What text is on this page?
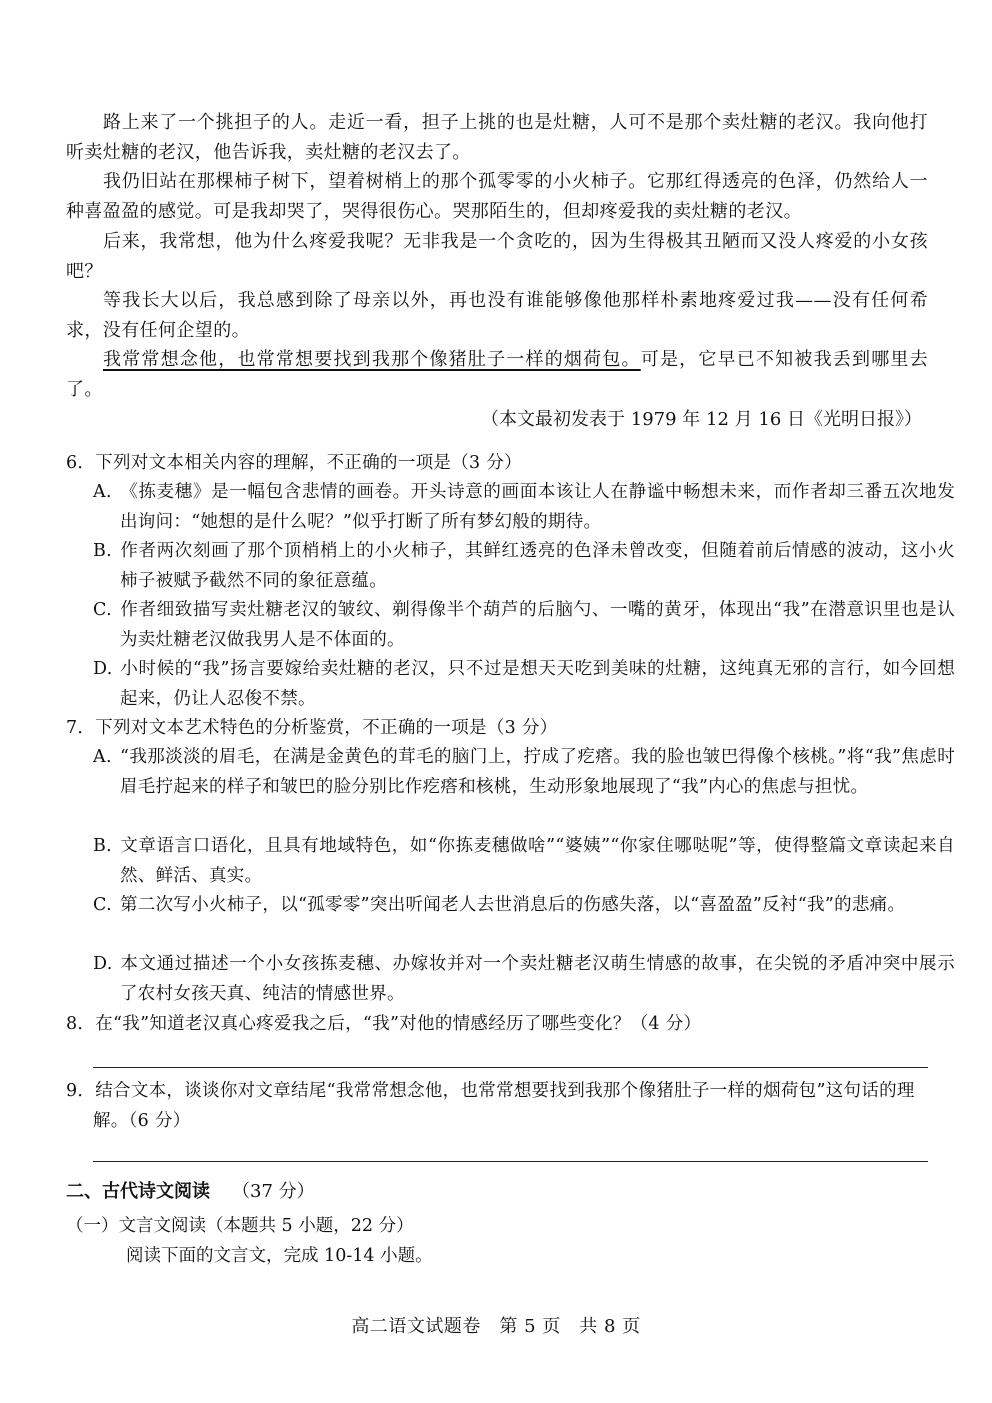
路上来了一个挑担子的人。走近一看，担子上挑的也是灶糖，人可不是那个卖灶糖的老汉。我向他打听卖灶糖的老汉，他告诉我，卖灶糖的老汉去了。

我仍旧站在那棵柿子树下，望着树梢上的那个孤零零的小火柿子。它那红得透亮的色泽，仍然给人一种喜盈盈的感觉。可是我却哭了，哭得很伤心。哭那陌生的，但却疼爱我的卖灶糖的老汉。

后来，我常想，他为什么疼爱我呢？无非我是一个贪吃的，因为生得极其丑陋而又没人疼爱的小女孩吧？

等我长大以后，我总感到除了母亲以外，再也没有谁能够像他那样朴素地疼爱过我——没有任何希求，没有任何企望的。

我常常想念他，也常常想要找到我那个像猪肚子一样的烟荷包。可是，它早已不知被我丢到哪里去了。

（本文最初发表于 1979 年 12 月 16 日《光明日报》）

6．下列对文本相关内容的理解，不正确的一项是（3 分）

A. 《拣麦穗》是一幅包含悲情的画卷。开头诗意的画面本该让人在静谧中畅想未来，而作者却三番五次地发出询问：“她想的是什么呢？”似乎打断了所有梦幻般的期待。

B. 作者两次刻画了那个顶梢梢上的小火柿子，其鲜红透亮的色泽未曾改变，但随着前后情感的波动，这小火柿子被赋予截然不同的象征意蕴。

C. 作者细致描写卖灶糖老汉的皱纹、剃得像半个葫芦的后脑勺、一嘴的黄牙，体现出“我”在潜意识里也是认为卖灶糖老汉做我男人是不体面的。

D. 小时候的“我”扬言要嫁给卖灶糖的老汉，只不过是想天天吃到美味的灶糖，这纯真无邪的言行，如今回想起来，仍让人忍俊不禁。

7．下列对文本艺术特色的分析鉴赏，不正确的一项是（3 分）

A. “我那淡淡的眉毛，在满是金黄色的茸毛的脑门上，拧成了疙瘩。我的脸也皱巴得像个核桃。”将“我”焦虑时眉毛拧起来的样子和皱巴的脸分别比作疙瘩和核桃，生动形象地展现了“我”内心的焦虑与担忧。

B. 文章语言口语化，且具有地域特色，如“你拣麦穗做啥”“婆姨”“你家住哪哒呢”等，使得整篇文章读起来自然、鲜活、真实。

C. 第二次写小火柿子，以“孤零零”突出听闻老人去世消息后的伤感失落，以“喜盈盈”反衬“我”的悲痛。

D. 本文通过描述一个小女孩拣麦穗、办嫁妆并对一个卖灶糖老汉萌生情感的故事，在尖锐的矛盾冲突中展示了农村女孩天真、纯洁的情感世界。

8．在“我”知道老汉真心疼爱我之后，“我”对他的情感经历了哪些变化？（4 分）

9．结合文本，谈谈你对文章结尾“我常常想念他，也常常想要找到我那个像猪肚子一样的烟荷包”这句话的理解。（6 分）

二、古代诗文阅读 （37 分）

（一）文言文阅读（本题共 5 小题，22 分）

阅读下面的文言文，完成 10-14 小题。

高二语文试题卷　第 5 页　共 8 页
